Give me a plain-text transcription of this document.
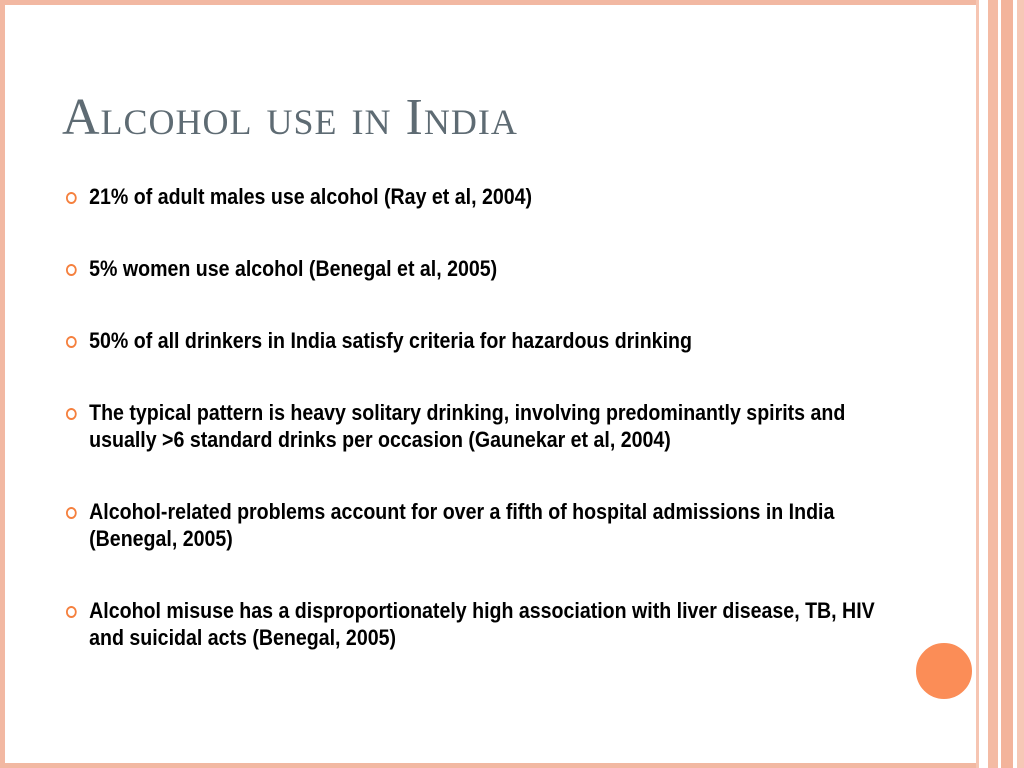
Alcohol use in India
21% of adult males use alcohol (Ray et al, 2004)
5% women use alcohol (Benegal et al, 2005)
50% of all drinkers in India satisfy criteria for hazardous drinking
The typical pattern is heavy solitary drinking, involving predominantly spirits and usually >6 standard drinks per occasion (Gaunekar et al, 2004)
Alcohol-related problems account for over a fifth of hospital admissions in India (Benegal, 2005)
Alcohol misuse has a disproportionately high association with liver disease, TB, HIV and suicidal acts (Benegal, 2005)
